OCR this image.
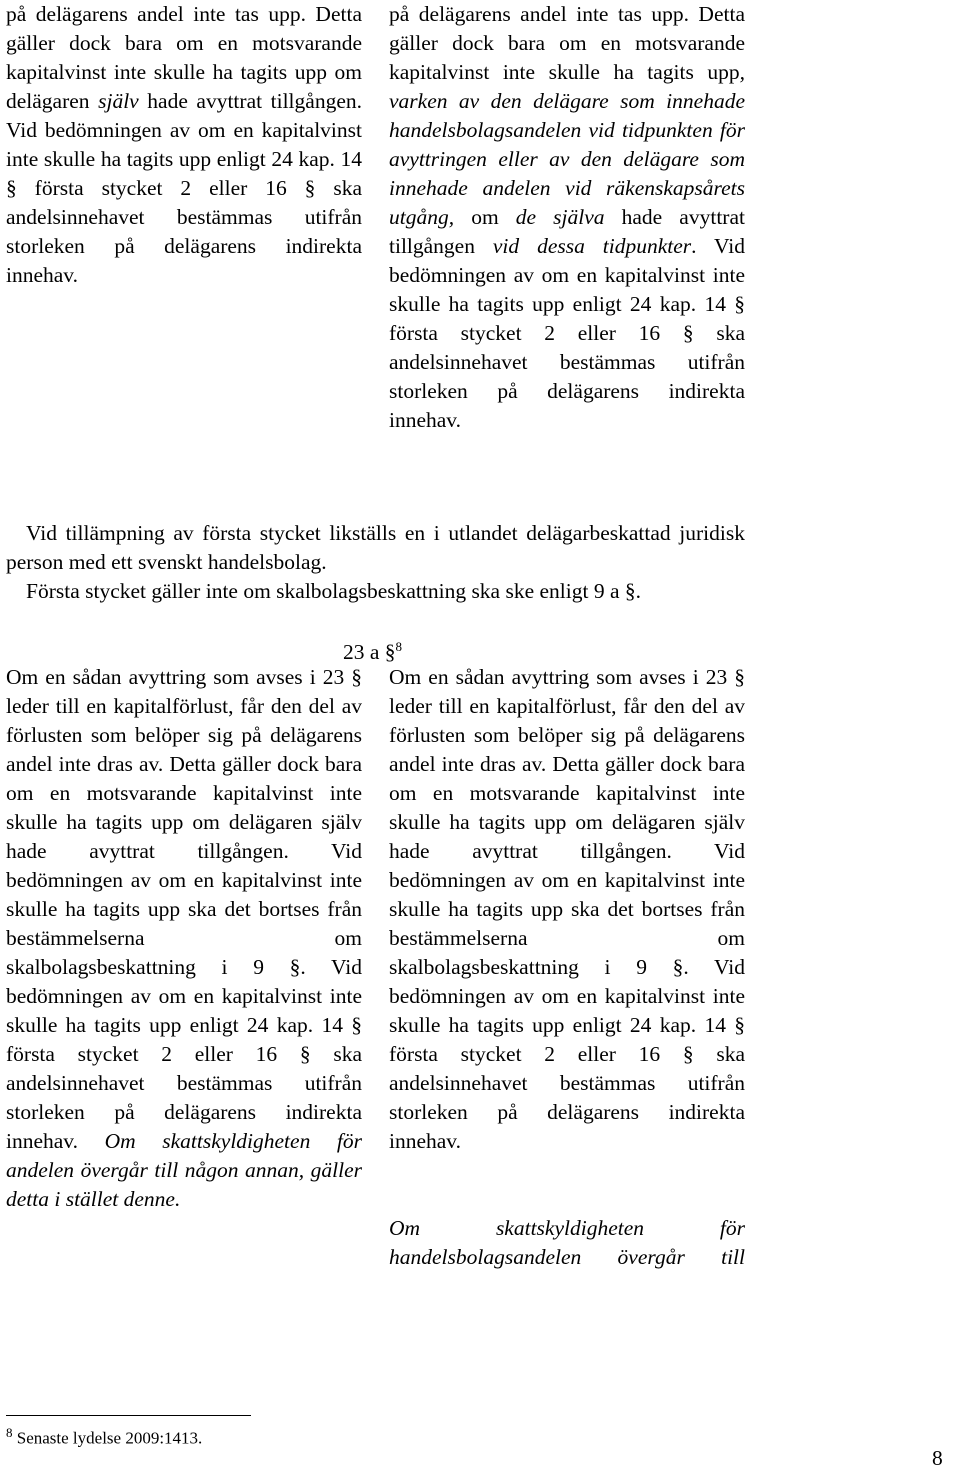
på delägarens andel inte tas upp. Detta gäller dock bara om en motsvarande kapitalvinst inte skulle ha tagits upp om delägaren själv hade avyttrat tillgången. Vid bedömningen av om en kapitalvinst inte skulle ha tagits upp enligt 24 kap. 14 § första stycket 2 eller 16 § ska andelsinnehavet bestämmas utifrån storleken på delägarens indirekta innehav.

på delägarens andel inte tas upp. Detta gäller dock bara om en motsvarande kapitalvinst inte skulle ha tagits upp, varken av den delägare som innehade handelsbolagsandelen vid tidpunkten för avyttringen eller av den delägare som innehade andelen vid räkenskapsårets utgång, om de själva hade avyttrat tillgången vid dessa tidpunkter. Vid bedömningen av om en kapitalvinst inte skulle ha tagits upp enligt 24 kap. 14 § första stycket 2 eller 16 § ska andelsinnehavet bestämmas utifrån storleken på delägarens indirekta innehav.

Vid tillämpning av första stycket likställs en i utlandet delägarbeskattad juridisk person med ett svenskt handelsbolag.

Första stycket gäller inte om skalbolagsbeskattning ska ske enligt 9 a §.

23 a §$^8$

Om en sådan avyttring som avses i 23 § leder till en kapitalförlust, får den del av förlusten som belöper sig på delägarens andel inte dras av. Detta gäller dock bara om en motsvarande kapitalvinst inte skulle ha tagits upp om delägaren själv hade avyttrat tillgången. Vid bedömningen av om en kapitalvinst inte skulle ha tagits upp ska det bortses från bestämmelserna om skalbolagsbeskattning i 9 §. Vid bedömningen av om en kapitalvinst inte skulle ha tagits upp enligt 24 kap. 14 § första stycket 2 eller 16 § ska andelsinnehavet bestämmas utifrån storleken på delägarens indirekta innehav. Om skattskyldigheten för andelen övergår till någon annan, gäller detta i stället denne.

Om en sådan avyttring som avses i 23 § leder till en kapitalförlust, får den del av förlusten som belöper sig på delägarens andel inte dras av. Detta gäller dock bara om en motsvarande kapitalvinst inte skulle ha tagits upp om delägaren själv hade avyttrat tillgången. Vid bedömningen av om en kapitalvinst inte skulle ha tagits upp ska det bortses från bestämmelserna om skalbolagsbeskattning i 9 §. Vid bedömningen av om en kapitalvinst inte skulle ha tagits upp enligt 24 kap. 14 § första stycket 2 eller 16 § ska andelsinnehavet bestämmas utifrån storleken på delägarens indirekta innehav.

Om skattskyldigheten för handelsbolagsandelen övergår till

$^8$ Senaste lydelse 2009:1413.
8
